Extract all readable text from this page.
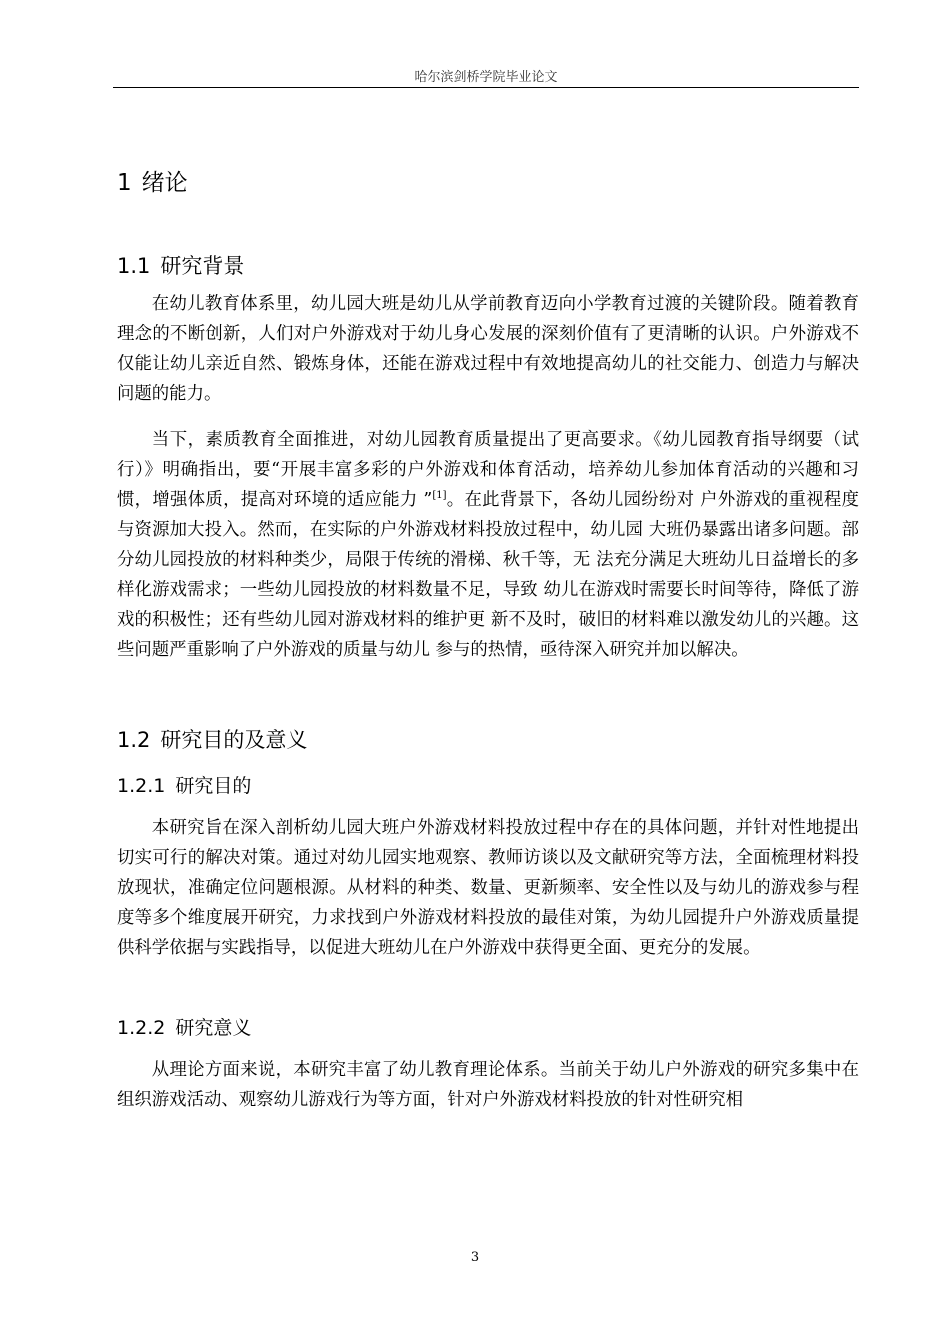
哈尔滨剑桥学院毕业论文
1 绪论
1.1 研究背景

在幼儿教育体系里，幼儿园大班是幼儿从学前教育迈向小学教育过渡的关键阶段。随着教育理念的不断创新，人们对户外游戏对于幼儿身心发展的深刻价值有了更清晰的认识。户外游戏不仅能让幼儿亲近自然、锻炼身体，还能在游戏过程中有效地提高幼儿的社交能力、创造力与解决问题的能力。

当下，素质教育全面推进，对幼儿园教育质量提出了更高要求。《幼儿园教育指导纲要（试行）》明确指出，要“开展丰富多彩的户外游戏和体育活动，培养幼儿参加体育活动的兴趣和习惯，增强体质，提高对环境的适应能力 ”[1]。在此背景下，各幼儿园纷纷对 户外游戏的重视程度与资源加大投入。然而，在实际的户外游戏材料投放过程中，幼儿园 大班仍暴露出诸多问题。部分幼儿园投放的材料种类少，局限于传统的滑梯、秋千等，无 法充分满足大班幼儿日益增长的多样化游戏需求；一些幼儿园投放的材料数量不足，导致 幼儿在游戏时需要长时间等待，降低了游戏的积极性；还有些幼儿园对游戏材料的维护更 新不及时，破旧的材料难以激发幼儿的兴趣。这些问题严重影响了户外游戏的质量与幼儿 参与的热情，亟待深入研究并加以解决。

1.2 研究目的及意义
1.2.1 研究目的

本研究旨在深入剖析幼儿园大班户外游戏材料投放过程中存在的具体问题，并针对性地提出切实可行的解决对策。通过对幼儿园实地观察、教师访谈以及文献研究等方法，全面梳理材料投放现状，准确定位问题根源。从材料的种类、数量、更新频率、安全性以及与幼儿的游戏参与程度等多个维度展开研究，力求找到户外游戏材料投放的最佳对策，为幼儿园提升户外游戏质量提供科学依据与实践指导，以促进大班幼儿在户外游戏中获得更全面、更充分的发展。

1.2.2 研究意义

从理论方面来说，本研究丰富了幼儿教育理论体系。当前关于幼儿户外游戏的研究多集中在组织游戏活动、观察幼儿游戏行为等方面，针对户外游戏材料投放的针对性研究相

3
